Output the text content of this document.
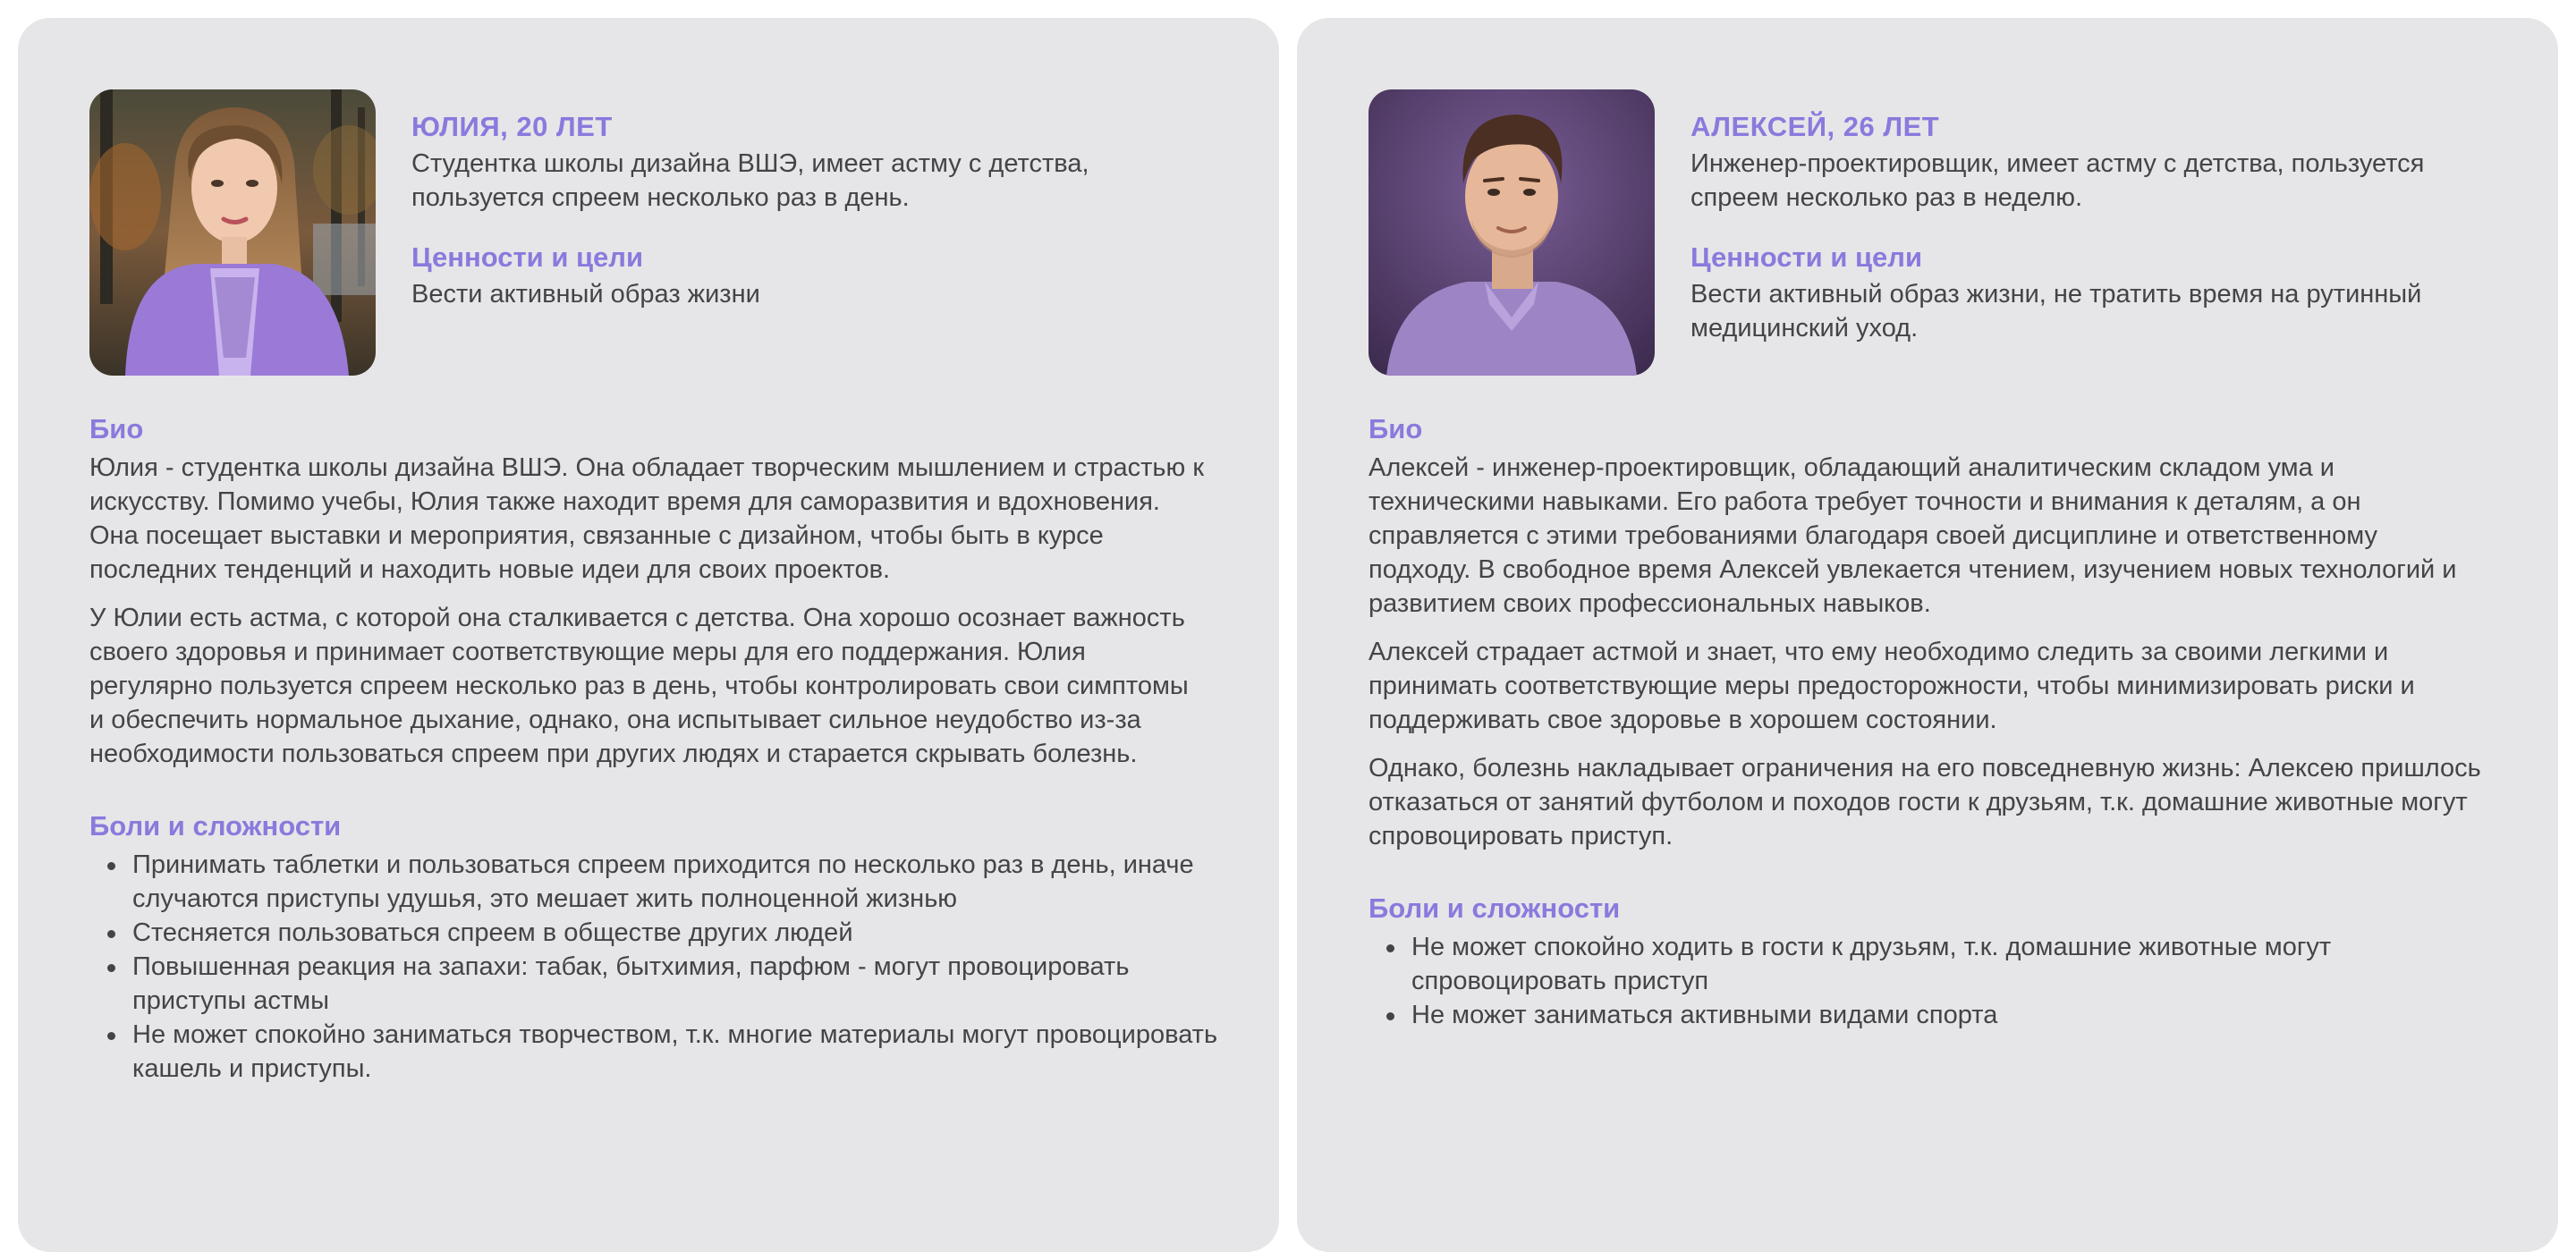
ЮЛИЯ, 20 ЛЕТ
Студентка школы дизайна ВШЭ, имеет астму с детства, пользуется спреем несколько раз в день.
Ценности и цели
Вести активный образ жизни
Био
Юлия - студентка школы дизайна ВШЭ. Она обладает творческим мышлением и страстью к искусству. Помимо учебы, Юлия также находит время для саморазвития и вдохновения. Она посещает выставки и мероприятия, связанные с дизайном, чтобы быть в курсе последних тенденций и находить новые идеи для своих проектов.
У Юлии есть астма, с которой она сталкивается с детства. Она хорошо осознает важность своего здоровья и принимает соответствующие меры для его поддержания. Юлия регулярно пользуется спреем несколько раз в день, чтобы контролировать свои симптомы и обеспечить нормальное дыхание, однако, она испытывает сильное неудобство из-за необходимости пользоваться спреем при других людях и старается скрывать болезнь.
Боли и сложности
Принимать таблетки и пользоваться спреем приходится по несколько раз в день, иначе случаются приступы удушья, это мешает жить полноценной жизнью
Стесняется пользоваться спреем в обществе других людей
Повышенная реакция на запахи: табак, бытхимия, парфюм - могут провоцировать приступы астмы
Не может спокойно заниматься творчеством, т.к. многие материалы могут провоцировать кашель и приступы.
АЛЕКСЕЙ, 26 ЛЕТ
Инженер-проектировщик, имеет астму с детства, пользуется спреем несколько раз в неделю.
Ценности и цели
Вести активный образ жизни, не тратить время на рутинный медицинский уход.
Био
Алексей - инженер-проектировщик, обладающий аналитическим складом ума и техническими навыками. Его работа требует точности и внимания к деталям, а он справляется с этими требованиями благодаря своей дисциплине и ответственному подходу. В свободное время Алексей увлекается чтением, изучением новых технологий и развитием своих профессиональных навыков.
Алексей страдает астмой и знает, что ему необходимо следить за своими легкими и принимать соответствующие меры предосторожности, чтобы минимизировать риски и поддерживать свое здоровье в хорошем состоянии.
Однако, болезнь накладывает ограничения на его повседневную жизнь: Алексею пришлось отказаться от занятий футболом и походов гости к друзьям, т.к. домашние животные могут спровоцировать приступ.
Боли и сложности
Не может спокойно ходить в гости к друзьям, т.к. домашние животные могут спровоцировать приступ
Не может заниматься активными видами спорта
